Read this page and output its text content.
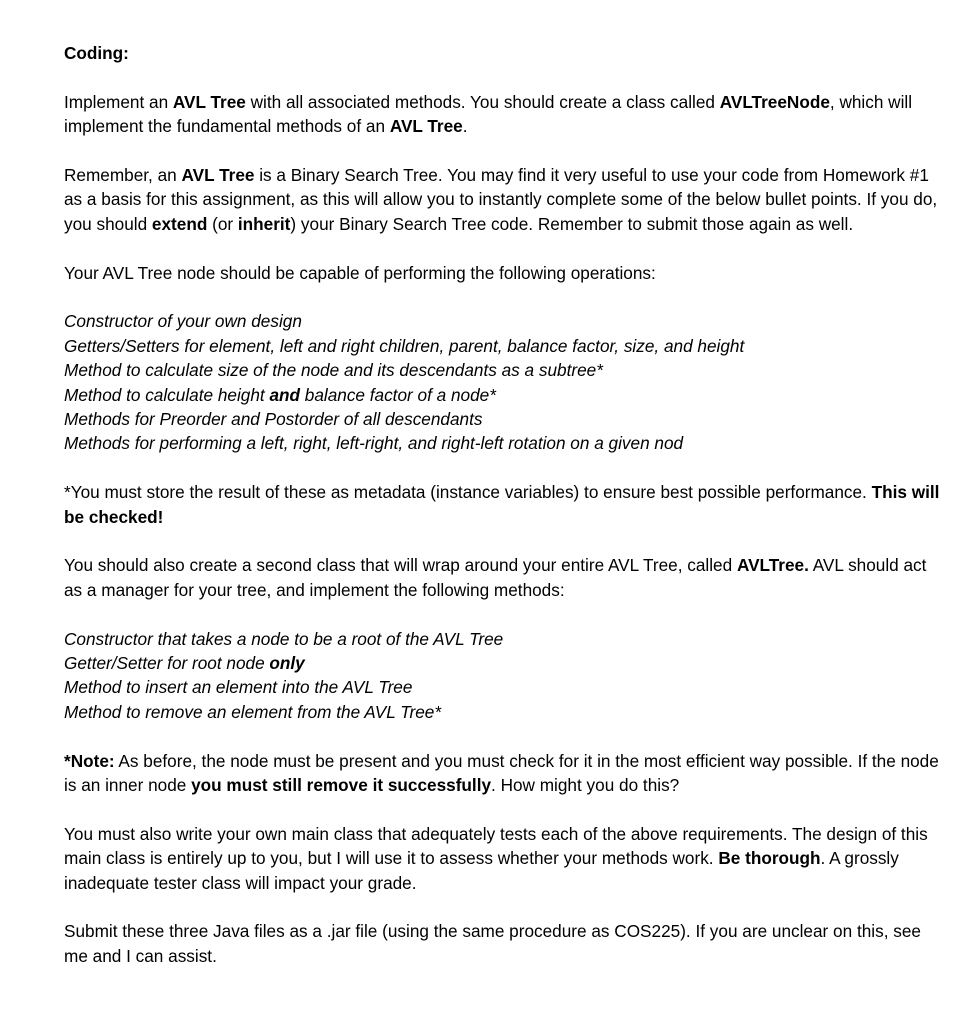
Coding:

Implement an AVL Tree with all associated methods. You should create a class called AVLTreeNode, which will implement the fundamental methods of an AVL Tree.

Remember, an AVL Tree is a Binary Search Tree. You may find it very useful to use your code from Homework #1 as a basis for this assignment, as this will allow you to instantly complete some of the below bullet points. If you do, you should extend (or inherit) your Binary Search Tree code. Remember to submit those again as well.

Your AVL Tree node should be capable of performing the following operations:

Constructor of your own design
Getters/Setters for element, left and right children, parent, balance factor, size, and height
Method to calculate size of the node and its descendants as a subtree*
Method to calculate height and balance factor of a node*
Methods for Preorder and Postorder of all descendants
Methods for performing a left, right, left-right, and right-left rotation on a given nod

*You must store the result of these as metadata (instance variables) to ensure best possible performance. This will be checked!

You should also create a second class that will wrap around your entire AVL Tree, called AVLTree. AVL should act as a manager for your tree, and implement the following methods:

Constructor that takes a node to be a root of the AVL Tree
Getter/Setter for root node only
Method to insert an element into the AVL Tree
Method to remove an element from the AVL Tree*

*Note: As before, the node must be present and you must check for it in the most efficient way possible. If the node is an inner node you must still remove it successfully. How might you do this?

You must also write your own main class that adequately tests each of the above requirements. The design of this main class is entirely up to you, but I will use it to assess whether your methods work. Be thorough. A grossly inadequate tester class will impact your grade.

Submit these three Java files as a .jar file (using the same procedure as COS225). If you are unclear on this, see me and I can assist.
